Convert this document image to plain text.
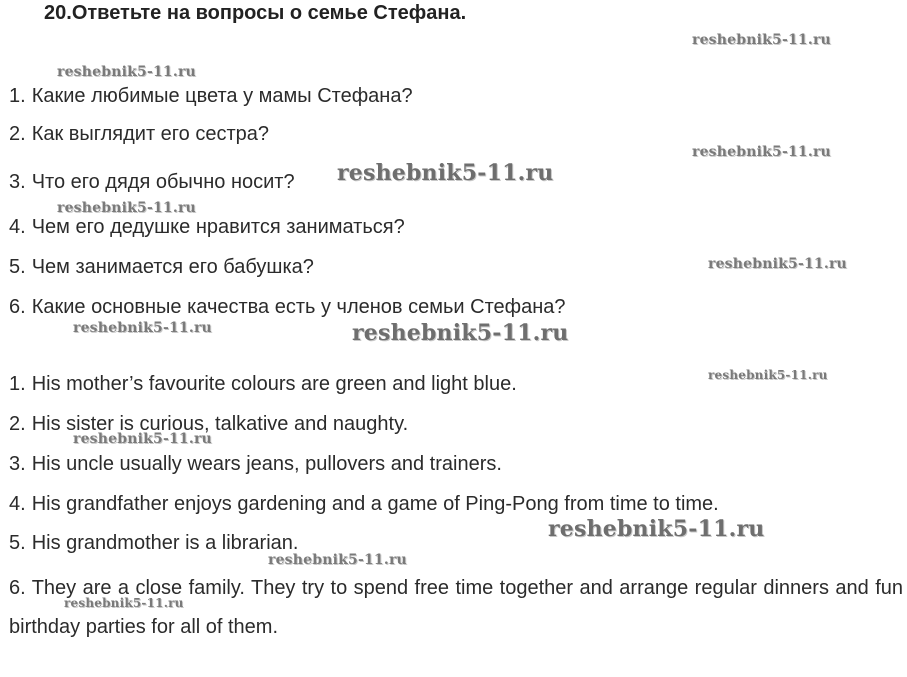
20.Ответьте на вопросы о семье Стефана.
1. Какие любимые цвета у мамы Стефана?
2. Как выглядит его сестра?
3. Что его дядя обычно носит?
4. Чем его дедушке нравится заниматься?
5. Чем занимается его бабушка?
6. Какие основные качества есть у членов семьи Стефана?
1. His mother’s favourite colours are green and light blue.
2. His sister is curious, talkative and naughty.
3. His uncle usually wears jeans, pullovers and trainers.
4. His grandfather enjoys gardening and a game of Ping-Pong from time to time.
5. His grandmother is a librarian.
6. They are a close family. They try to spend free time together and arrange regular dinners and fun birthday parties for all of them.
reshebnik5-11.ru
reshebnik5-11.ru
reshebnik5-11.ru
reshebnik5-11.ru
reshebnik5-11.ru
reshebnik5-11.ru
reshebnik5-11.ru	reshebnik5-11.ru
reshebnik5-11.ru
reshebnik5-11.ru
reshebnik5-11.ru
reshebnik5-11.ru
reshebnik5-11.ru
